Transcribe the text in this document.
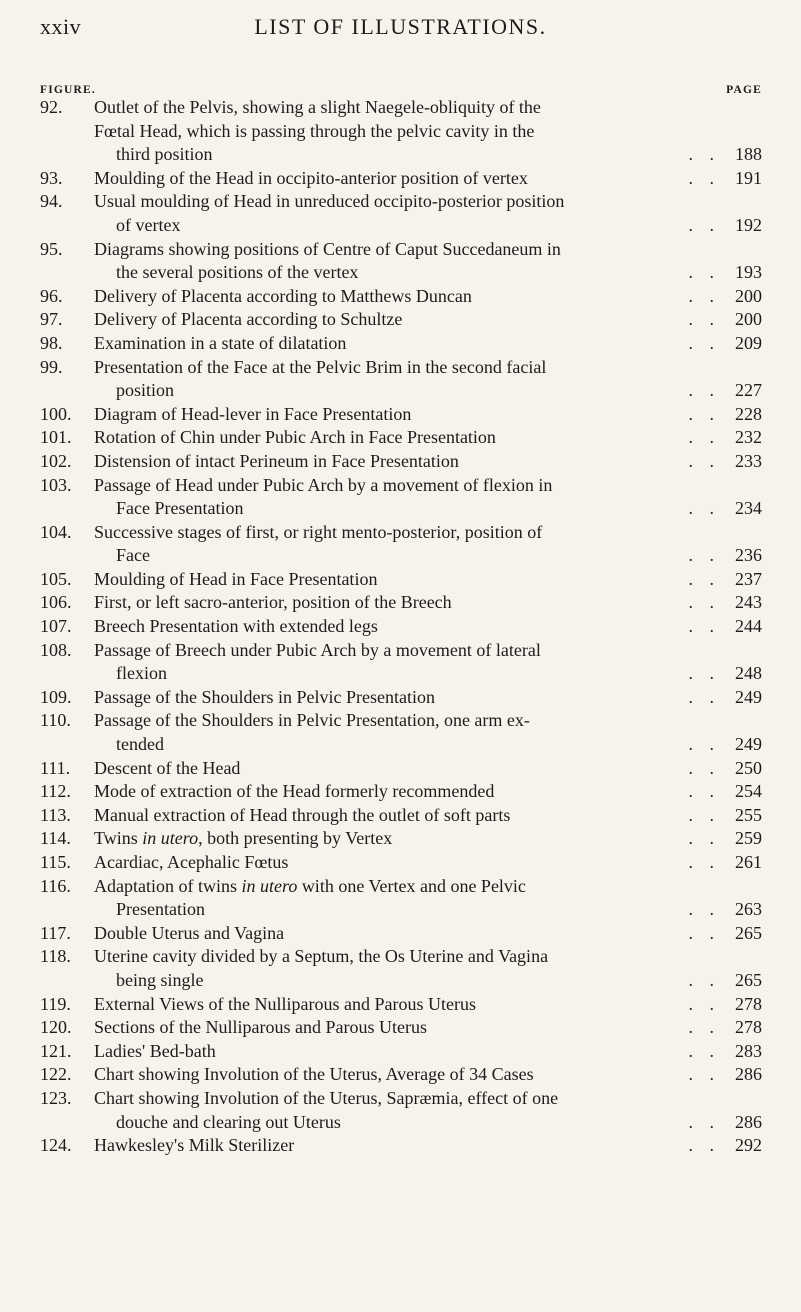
xxiv	LIST OF ILLUSTRATIONS.
FIGURE.	PAGE
92.	Outlet of the Pelvis, showing a slight Naegele-obliquity of the
Fœtal Head, which is passing through the pelvic cavity in the
third position	. . 188
93.	Moulding of the Head in occipito-anterior position of vertex	. . 191
94.	Usual moulding of Head in unreduced occipito-posterior position
of vertex	. . 192
95.	Diagrams showing positions of Centre of Caput Succedaneum in
the several positions of the vertex	. . 193
96.	Delivery of Placenta according to Matthews Duncan	. . 200
97.	Delivery of Placenta according to Schultze	. . 200
98.	Examination in a state of dilatation	. . 209
99.	Presentation of the Face at the Pelvic Brim in the second facial
position	. . 227
100.	Diagram of Head-lever in Face Presentation	. . 228
101.	Rotation of Chin under Pubic Arch in Face Presentation	. . 232
102.	Distension of intact Perineum in Face Presentation	. . 233
103.	Passage of Head under Pubic Arch by a movement of flexion in
Face Presentation	. . 234
104.	Successive stages of first, or right mento-posterior, position of
Face	. . 236
105.	Moulding of Head in Face Presentation	. . 237
106.	First, or left sacro-anterior, position of the Breech	. . 243
107.	Breech Presentation with extended legs	. . 244
108.	Passage of Breech under Pubic Arch by a movement of lateral
flexion	. . 248
109.	Passage of the Shoulders in Pelvic Presentation	. . 249
110.	Passage of the Shoulders in Pelvic Presentation, one arm ex-
tended	. . 249
111.	Descent of the Head	. . 250
112.	Mode of extraction of the Head formerly recommended	. . 254
113.	Manual extraction of Head through the outlet of soft parts	. . 255
114.	Twins in utero, both presenting by Vertex	. . 259
115.	Acardiac, Acephalic Fœtus	. . 261
116.	Adaptation of twins in utero with one Vertex and one Pelvic
Presentation	. . 263
117.	Double Uterus and Vagina	. . 265
118.	Uterine cavity divided by a Septum, the Os Uterine and Vagina
being single	. . 265
119.	External Views of the Nulliparous and Parous Uterus	. . 278
120.	Sections of the Nulliparous and Parous Uterus	. . 278
121.	Ladies' Bed-bath	. . 283
122.	Chart showing Involution of the Uterus, Average of 34 Cases	. . 286
123.	Chart showing Involution of the Uterus, Sapræmia, effect of one
douche and clearing out Uterus	. . 286
124.	Hawkesley's Milk Sterilizer	. . 292
